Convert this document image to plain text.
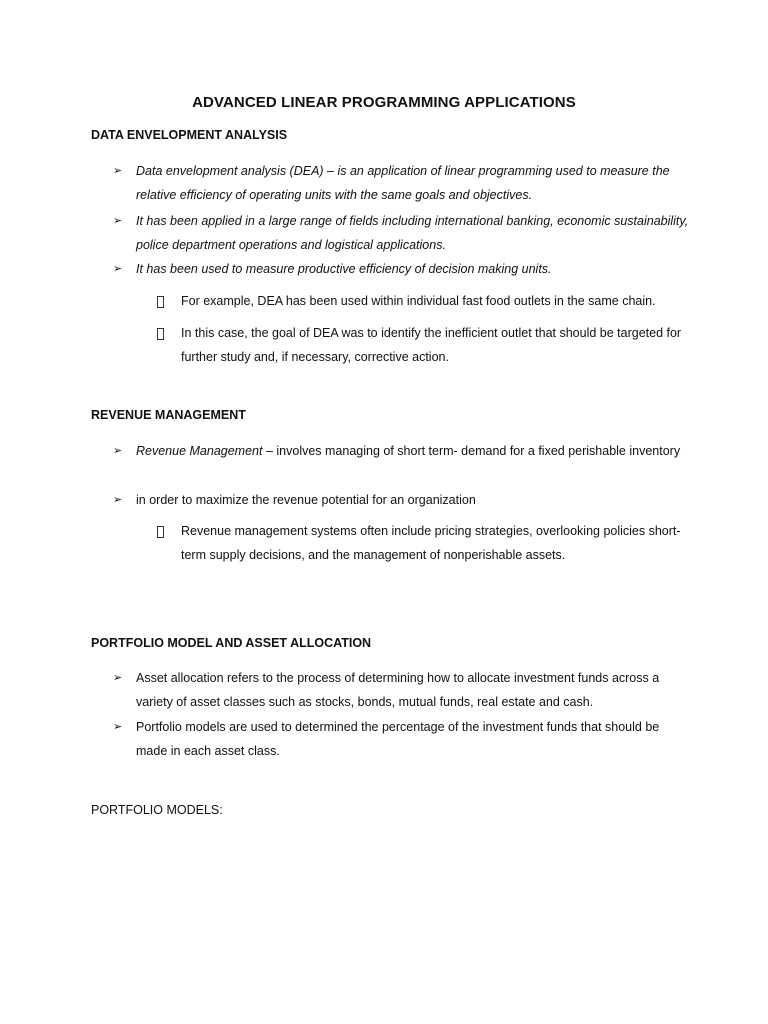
ADVANCED LINEAR PROGRAMMING APPLICATIONS
DATA ENVELOPMENT ANALYSIS
➢ Data envelopment analysis (DEA) – is an application of linear programming used to measure the relative efficiency of operating units with the same goals and objectives.
➢ It has been applied in a large range of fields including international banking, economic sustainability, police department operations and logistical applications.
➢ It has been used to measure productive efficiency of decision making units.
For example, DEA has been used within individual fast food outlets in the same chain.
In this case, the goal of DEA was to identify the inefficient outlet that should be targeted for further study and, if necessary, corrective action.
REVENUE MANAGEMENT
➢ Revenue Management – involves managing of short term- demand for a fixed perishable inventory
➢ in order to maximize the revenue potential for an organization
Revenue management systems often include pricing strategies, overlooking policies short-term supply decisions, and the management of nonperishable assets.
PORTFOLIO MODEL AND ASSET ALLOCATION
➢ Asset allocation refers to the process of determining how to allocate investment funds across a variety of asset classes such as stocks, bonds, mutual funds, real estate and cash.
➢ Portfolio models are used to determined the percentage of the investment funds that should be made in each asset class.
PORTFOLIO MODELS:
